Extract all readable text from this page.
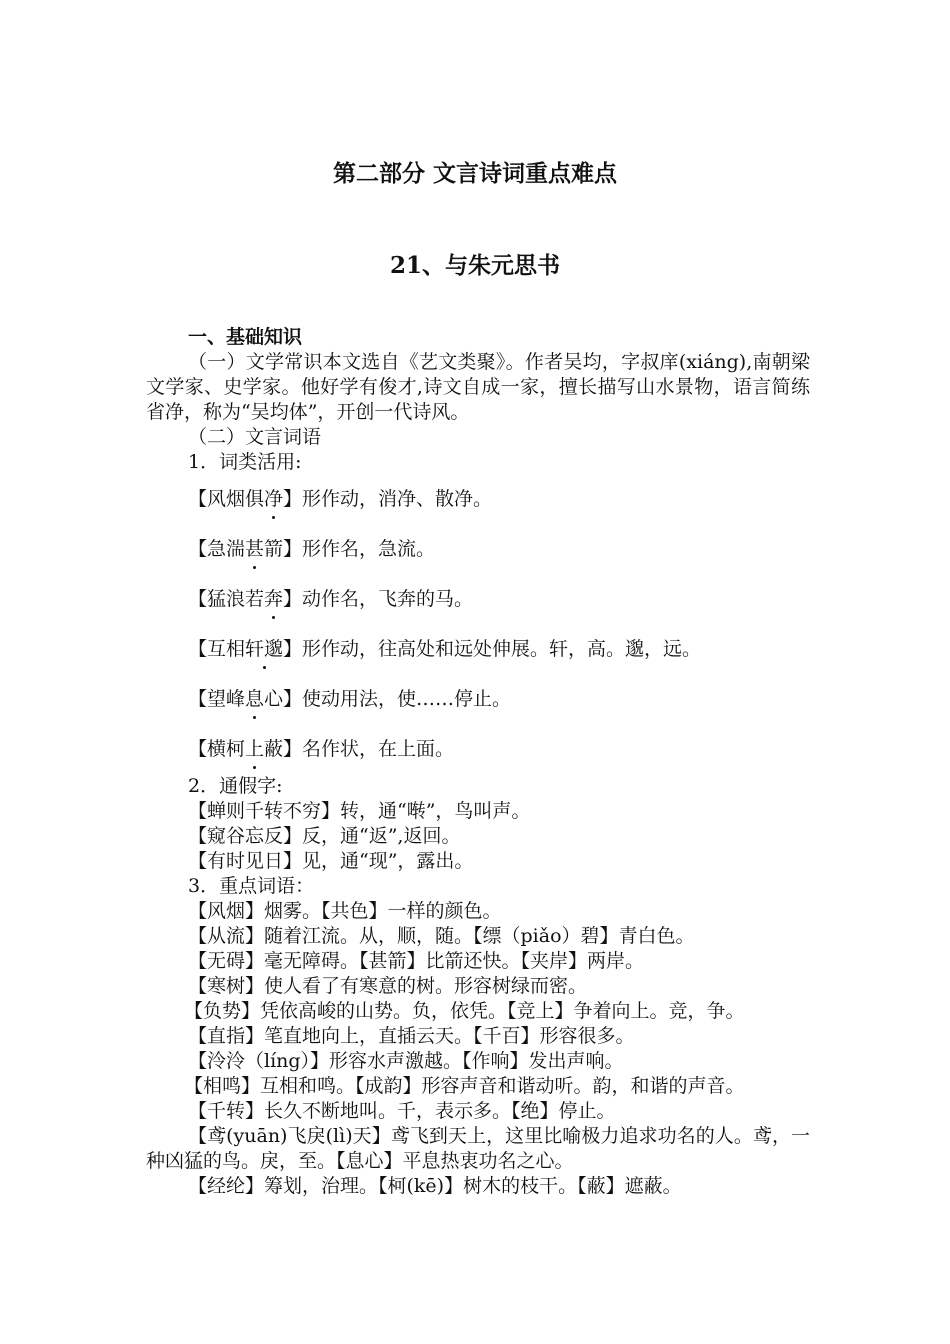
第二部分 文言诗词重点难点
21、与朱元思书

一、基础知识

（一）文学常识本文选自《艺文类聚》。作者吴均，字叔庠(xiáng),南朝梁文学家、史学家。他好学有俊才,诗文自成一家，擅长描写山水景物，语言简练省净，称为“吴均体”，开创一代诗风。

（二）文言词语

1．词类活用:

【风烟俱净】形作动，消净、散净。

【急湍甚箭】形作名，急流。

【猛浪若奔】动作名，飞奔的马。

【互相轩邈】形作动，往高处和远处伸展。轩，高。邈，远。

【望峰息心】使动用法，使……停止。

【横柯上蔽】名作状，在上面。

2．通假字:

【蝉则千转不穷】转，通“啭”，鸟叫声。

【窥谷忘反】反，通“返”,返回。

【有时见日】见，通“现”，露出。

3．重点词语：

【风烟】烟雾。【共色】一样的颜色。

【从流】随着江流。从，顺，随。【缥（piǎo）碧】青白色。

【无碍】毫无障碍。【甚箭】比箭还快。【夹岸】两岸。

【寒树】使人看了有寒意的树。形容树绿而密。

【负势】凭依高峻的山势。负，依凭。【竞上】争着向上。竞，争。

【直指】笔直地向上，直插云天。【千百】形容很多。

【泠泠（líng）】形容水声激越。【作响】发出声响。

【相鸣】互相和鸣。【成韵】形容声音和谐动听。韵，和谐的声音。

【千转】长久不断地叫。千，表示多。【绝】停止。

【鸢(yuān)飞戾(lì)天】鸢飞到天上，这里比喻极力追求功名的人。鸢，一种凶猛的鸟。戾，至。【息心】平息热衷功名之心。

【经纶】筹划，治理。【柯(kē)】树木的枝干。【蔽】遮蔽。
